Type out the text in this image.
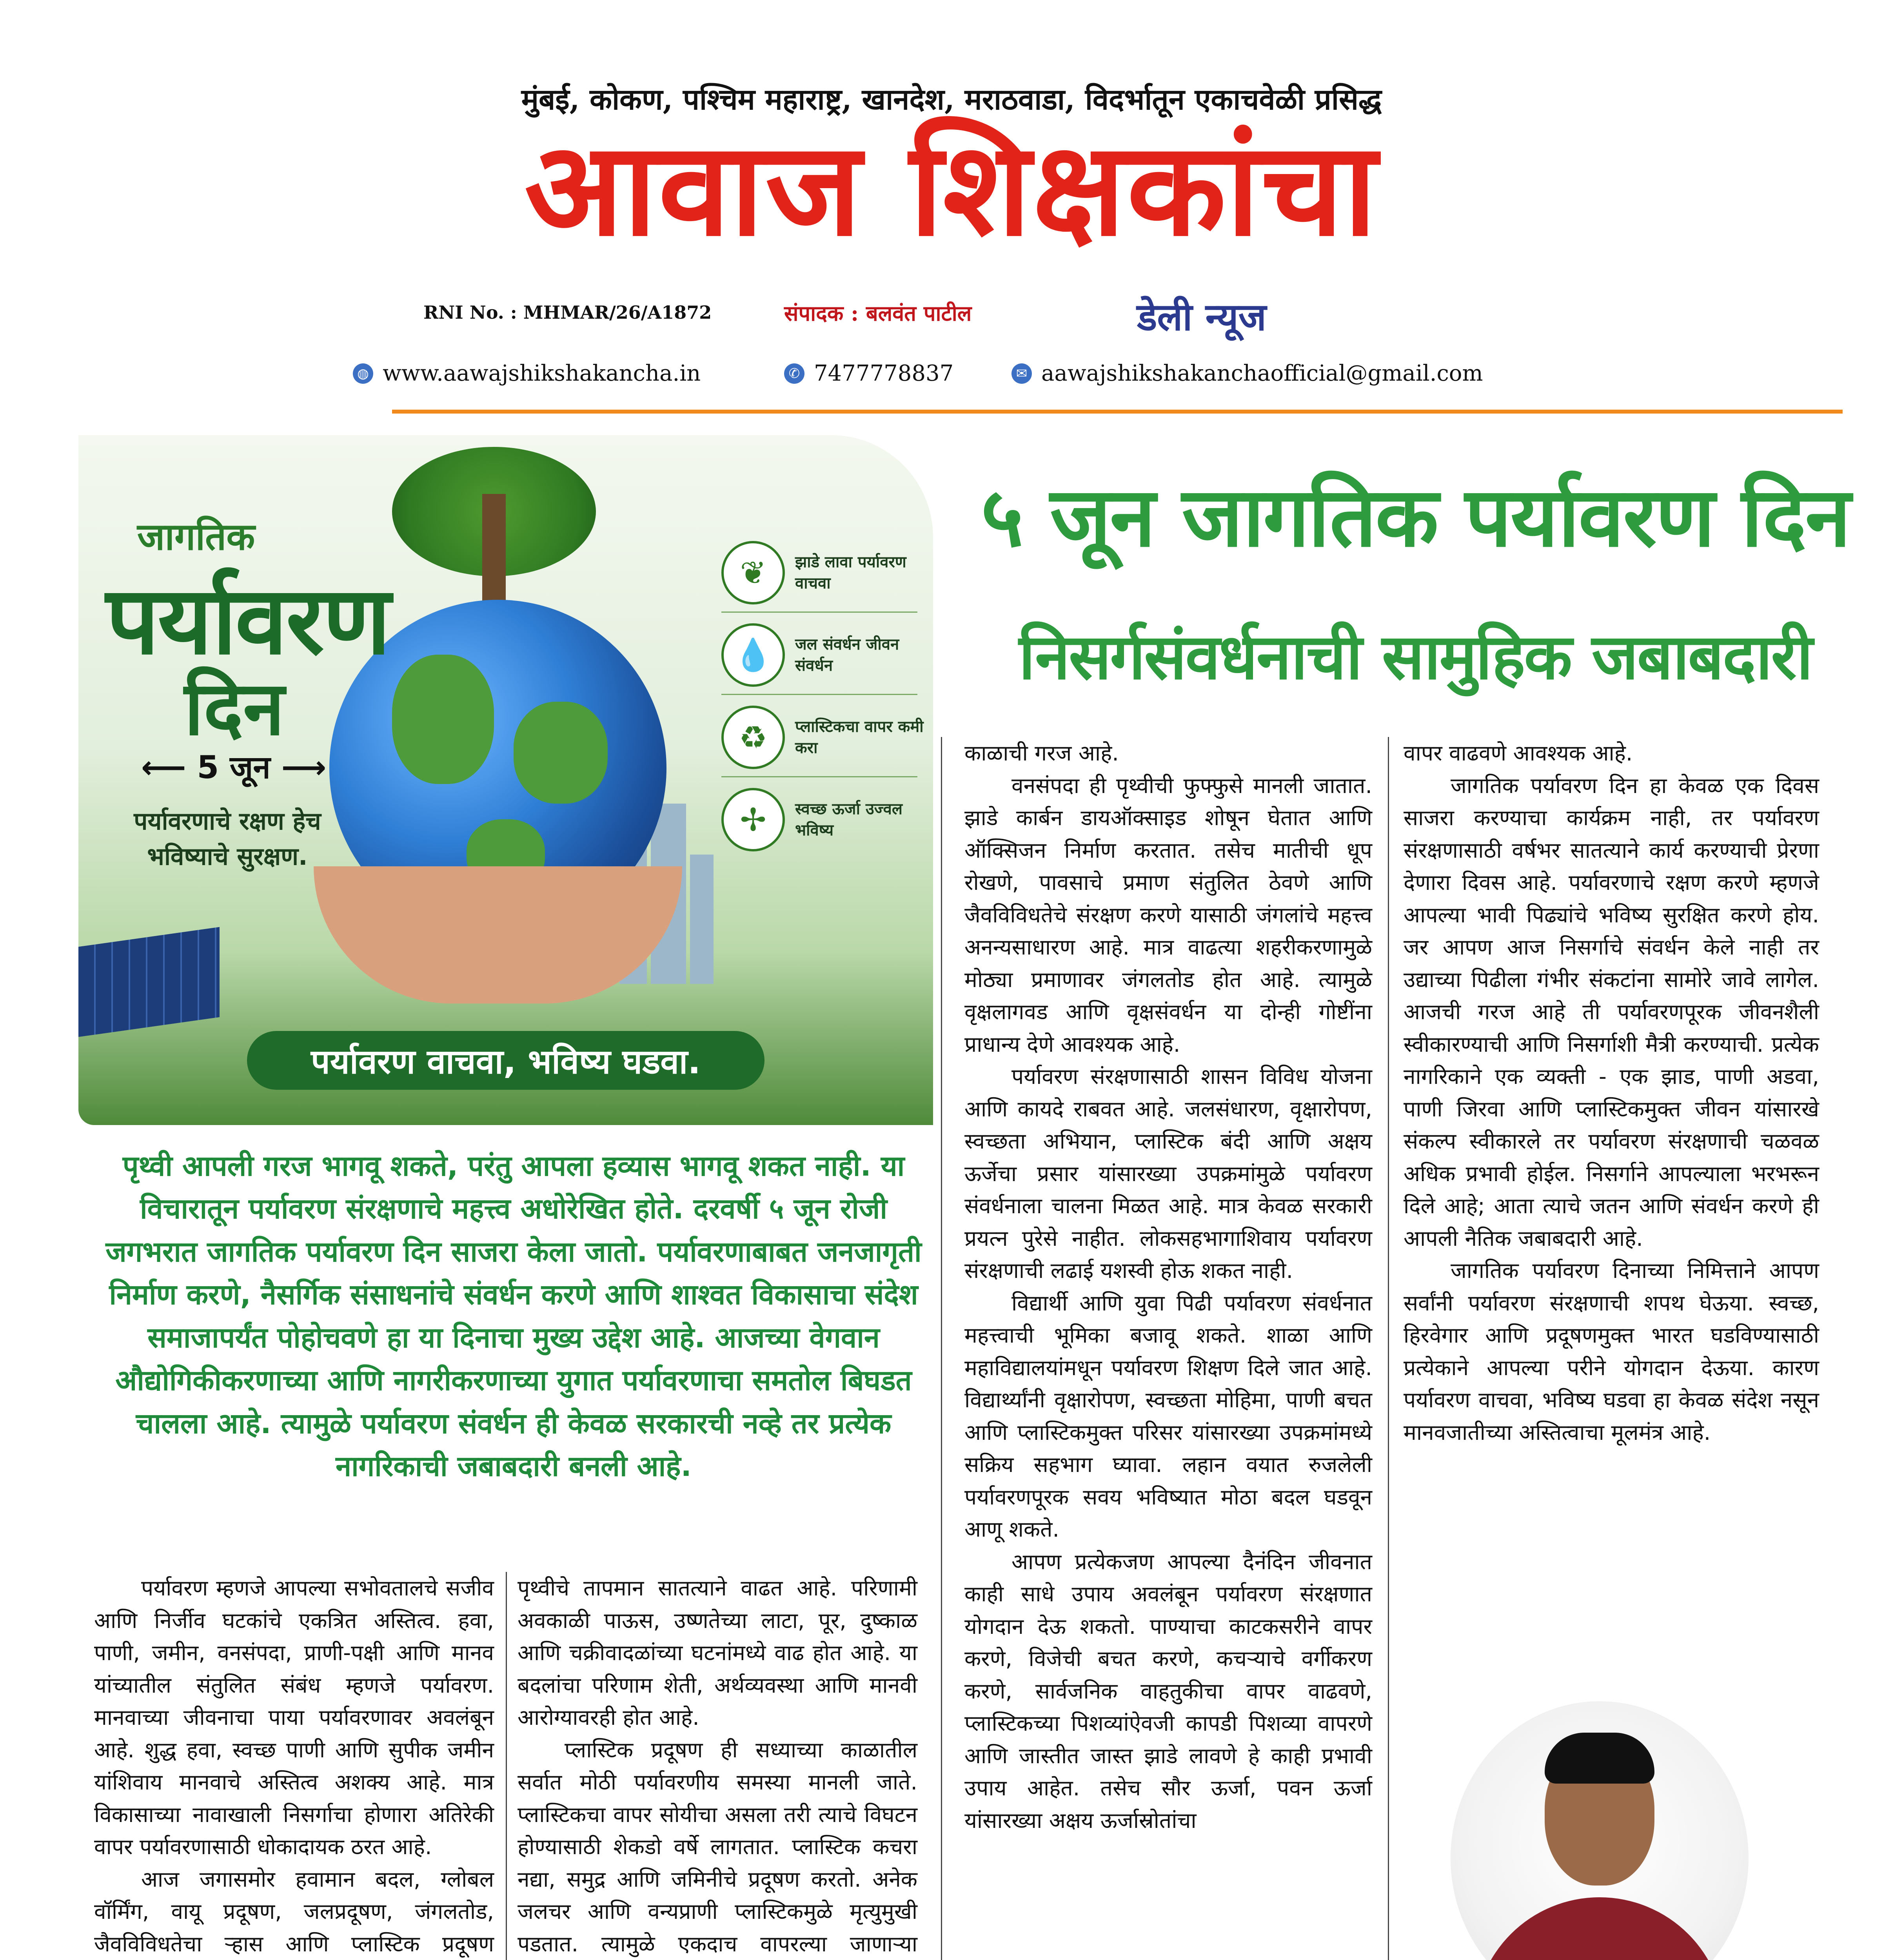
मुंबई, कोकण, पश्चिम महाराष्ट्र, खानदेश, मराठवाडा, विदर्भातून एकाचवेळी प्रसिद्ध
आवाज शिक्षकांचा
RNI No. : MHMAR/26/A1872	संपादक : बलवंत पाटील	डेली न्यूज
◍ www.aawajshikshakancha.in	✆ 7477778837	✉ aawajshikshakanchaofficial@gmail.com
जागतिक
पर्यावरण
दिन
⟵ 5 जून ⟶
पर्यावरणाचे रक्षण हेच भविष्याचे सुरक्षण.
❦	झाडे लावा पर्यावरण वाचवा
💧	जल संवर्धन जीवन संवर्धन
♻	प्लास्टिकचा वापर कमी करा
✢	स्वच्छ ऊर्जा उज्वल भविष्य
पर्यावरण वाचवा, भविष्य घडवा.
५ जून जागतिक पर्यावरण दिन
निसर्गसंवर्धनाची सामुहिक जबाबदारी
पृथ्वी आपली गरज भागवू शकते, परंतु आपला हव्यास भागवू शकत नाही. या विचारातून पर्यावरण संरक्षणाचे महत्त्व अधोरेखित होते. दरवर्षी ५ जून रोजी जगभरात जागतिक पर्यावरण दिन साजरा केला जातो. पर्यावरणाबाबत जनजागृती निर्माण करणे, नैसर्गिक संसाधनांचे संवर्धन करणे आणि शाश्वत विकासाचा संदेश समाजापर्यंत पोहोचवणे हा या दिनाचा मुख्य उद्देश आहे. आजच्या वेगवान औद्योगिकीकरणाच्या आणि नागरीकरणाच्या युगात पर्यावरणाचा समतोल बिघडत चालला आहे. त्यामुळे पर्यावरण संवर्धन ही केवळ सरकारची नव्हे तर प्रत्येक नागरिकाची जबाबदारी बनली आहे.

पर्यावरण म्हणजे आपल्या सभोवतालचे सजीव आणि निर्जीव घटकांचे एकत्रित अस्तित्व. हवा, पाणी, जमीन, वनसंपदा, प्राणी-पक्षी आणि मानव यांच्यातील संतुलित संबंध म्हणजे पर्यावरण. मानवाच्या जीवनाचा पाया पर्यावरणावर अवलंबून आहे. शुद्ध हवा, स्वच्छ पाणी आणि सुपीक जमीन यांशिवाय मानवाचे अस्तित्व अशक्य आहे. मात्र विकासाच्या नावाखाली निसर्गाचा होणारा अतिरेकी वापर पर्यावरणासाठी धोकादायक ठरत आहे.

आज जगासमोर हवामान बदल, ग्लोबल वॉर्मिंग, वायू प्रदूषण, जलप्रदूषण, जंगलतोड, जैवविविधतेचा ऱ्हास आणि प्लास्टिक प्रदूषण

पृथ्वीचे तापमान सातत्याने वाढत आहे. परिणामी अवकाळी पाऊस, उष्णतेच्या लाटा, पूर, दुष्काळ आणि चक्रीवादळांच्या घटनांमध्ये वाढ होत आहे. या बदलांचा परिणाम शेती, अर्थव्यवस्था आणि मानवी आरोग्यावरही होत आहे.

प्लास्टिक प्रदूषण ही सध्याच्या काळातील सर्वात मोठी पर्यावरणीय समस्या मानली जाते. प्लास्टिकचा वापर सोयीचा असला तरी त्याचे विघटन होण्यासाठी शेकडो वर्षे लागतात. प्लास्टिक कचरा नद्या, समुद्र आणि जमिनीचे प्रदूषण करतो. अनेक जलचर आणि वन्यप्राणी प्लास्टिकमुळे मृत्युमुखी पडतात. त्यामुळे एकदाच वापरल्या जाणाऱ्या

काळाची गरज आहे.

वनसंपदा ही पृथ्वीची फुफ्फुसे मानली जातात. झाडे कार्बन डायऑक्साइड शोषून घेतात आणि ऑक्सिजन निर्माण करतात. तसेच मातीची धूप रोखणे, पावसाचे प्रमाण संतुलित ठेवणे आणि जैवविविधतेचे संरक्षण करणे यासाठी जंगलांचे महत्त्व अनन्यसाधारण आहे. मात्र वाढत्या शहरीकरणामुळे मोठ्या प्रमाणावर जंगलतोड होत आहे. त्यामुळे वृक्षलागवड आणि वृक्षसंवर्धन या दोन्ही गोष्टींना प्राधान्य देणे आवश्यक आहे.

पर्यावरण संरक्षणासाठी शासन विविध योजना आणि कायदे राबवत आहे. जलसंधारण, वृक्षारोपण, स्वच्छता अभियान, प्लास्टिक बंदी आणि अक्षय ऊर्जेचा प्रसार यांसारख्या उपक्रमांमुळे पर्यावरण संवर्धनाला चालना मिळत आहे. मात्र केवळ सरकारी प्रयत्न पुरेसे नाहीत. लोकसहभागाशिवाय पर्यावरण संरक्षणाची लढाई यशस्वी होऊ शकत नाही.

विद्यार्थी आणि युवा पिढी पर्यावरण संवर्धनात महत्त्वाची भूमिका बजावू शकते. शाळा आणि महाविद्यालयांमधून पर्यावरण शिक्षण दिले जात आहे. विद्यार्थ्यांनी वृक्षारोपण, स्वच्छता मोहिमा, पाणी बचत आणि प्लास्टिकमुक्त परिसर यांसारख्या उपक्रमांमध्ये सक्रिय सहभाग घ्यावा. लहान वयात रुजलेली पर्यावरणपूरक सवय भविष्यात मोठा बदल घडवून आणू शकते.

आपण प्रत्येकजण आपल्या दैनंदिन जीवनात काही साधे उपाय अवलंबून पर्यावरण संरक्षणात योगदान देऊ शकतो. पाण्याचा काटकसरीने वापर करणे, विजेची बचत करणे, कचऱ्याचे वर्गीकरण करणे, सार्वजनिक वाहतुकीचा वापर वाढवणे, प्लास्टिकच्या पिशव्यांऐवजी कापडी पिशव्या वापरणे आणि जास्तीत जास्त झाडे लावणे हे काही प्रभावी उपाय आहेत. तसेच सौर ऊर्जा, पवन ऊर्जा यांसारख्या अक्षय ऊर्जास्रोतांचा

वापर वाढवणे आवश्यक आहे.

जागतिक पर्यावरण दिन हा केवळ एक दिवस साजरा करण्याचा कार्यक्रम नाही, तर पर्यावरण संरक्षणासाठी वर्षभर सातत्याने कार्य करण्याची प्रेरणा देणारा दिवस आहे. पर्यावरणाचे रक्षण करणे म्हणजे आपल्या भावी पिढ्यांचे भविष्य सुरक्षित करणे होय. जर आपण आज निसर्गाचे संवर्धन केले नाही तर उद्याच्या पिढीला गंभीर संकटांना सामोरे जावे लागेल. आजची गरज आहे ती पर्यावरणपूरक जीवनशैली स्वीकारण्याची आणि निसर्गाशी मैत्री करण्याची. प्रत्येक नागरिकाने एक व्यक्ती - एक झाड, पाणी अडवा, पाणी जिरवा आणि प्लास्टिकमुक्त जीवन यांसारखे संकल्प स्वीकारले तर पर्यावरण संरक्षणाची चळवळ अधिक प्रभावी होईल. निसर्गाने आपल्याला भरभरून दिले आहे; आता त्याचे जतन आणि संवर्धन करणे ही आपली नैतिक जबाबदारी आहे.

जागतिक पर्यावरण दिनाच्या निमित्ताने आपण सर्वांनी पर्यावरण संरक्षणाची शपथ घेऊया. स्वच्छ, हिरवेगार आणि प्रदूषणमुक्त भारत घडविण्यासाठी प्रत्येकाने आपल्या परीने योगदान देऊया. कारण पर्यावरण वाचवा, भविष्य घडवा हा केवळ संदेश नसून मानवजातीच्या अस्तित्वाचा मूलमंत्र आहे.
